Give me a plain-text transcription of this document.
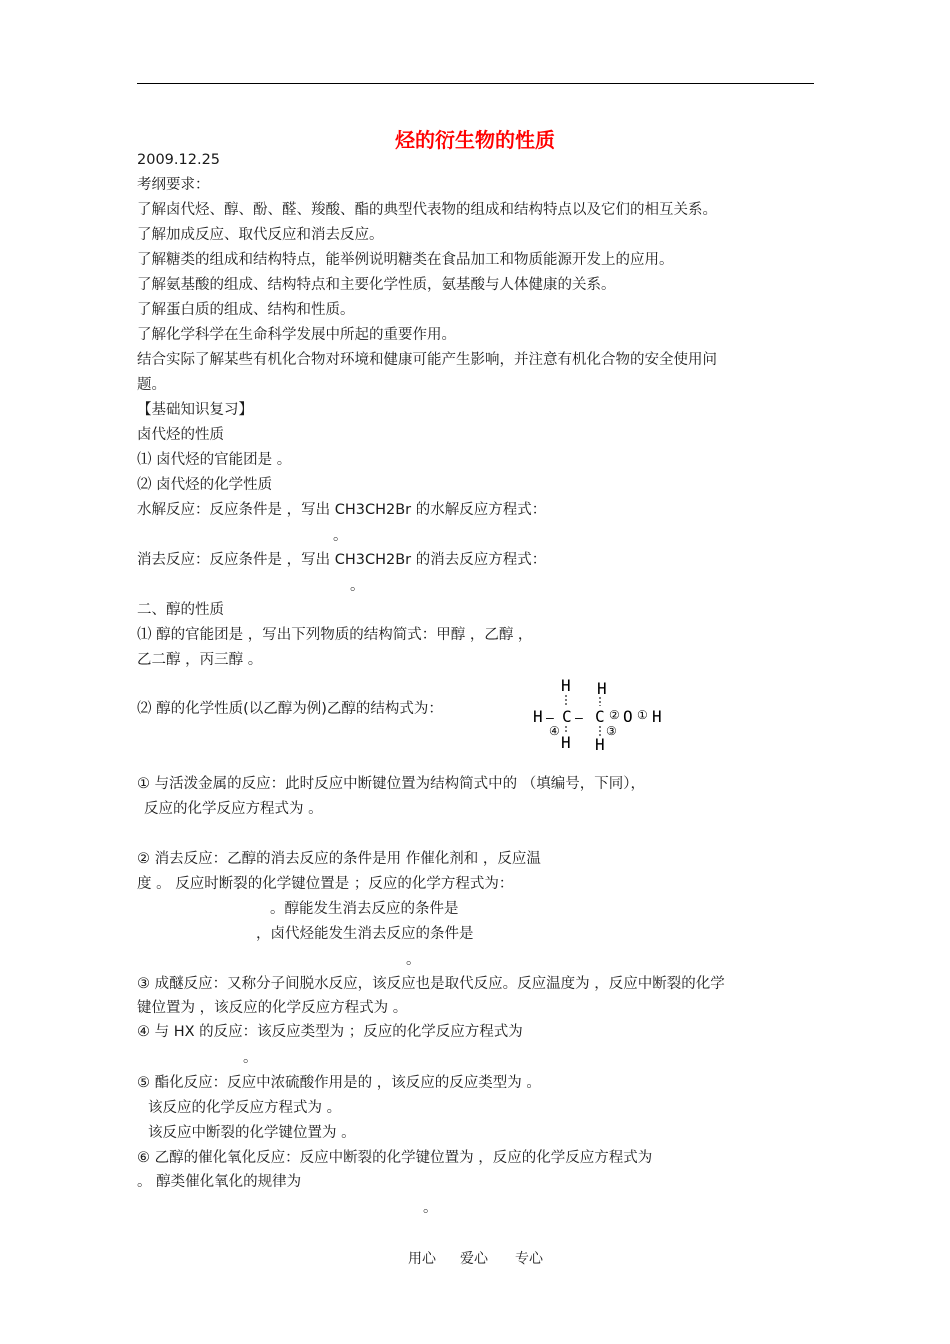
烃的衍生物的性质
2009.12.25
考纲要求：
了解卤代烃、醇、酚、醛、羧酸、酯的典型代表物的组成和结构特点以及它们的相互关系。
了解加成反应、取代反应和消去反应。
了解糖类的组成和结构特点，能举例说明糖类在食品加工和物质能源开发上的应用。
了解氨基酸的组成、结构特点和主要化学性质，氨基酸与人体健康的关系。
了解蛋白质的组成、结构和性质。
了解化学科学在生命科学发展中所起的重要作用。
结合实际了解某些有机化合物对环境和健康可能产生影响，并注意有机化合物的安全使用问
题。
【基础知识复习】
卤代烃的性质
⑴ 卤代烃的官能团是 。
⑵ 卤代烃的化学性质
水解反应：反应条件是 ，写出 CH3CH2Br 的水解反应方程式：
。
消去反应：反应条件是 ，写出 CH3CH2Br 的消去反应方程式：
。
二、醇的性质
⑴ 醇的官能团是 ，写出下列物质的结构简式：甲醇 ，乙醇 ，
乙二醇 ，丙三醇 。
⑵ 醇的化学性质(以乙醇为例)乙醇的结构式为：
H H
H — C — C ② O ① H
④	③
H H
① 与活泼金属的反应：此时反应中断键位置为结构简式中的 （填编号，下同），
反应的化学反应方程式为 。
② 消去反应：乙醇的消去反应的条件是用 作催化剂和 ，反应温
度 。 反应时断裂的化学键位置是 ；反应的化学方程式为：
。醇能发生消去反应的条件是
，卤代烃能发生消去反应的条件是
。
③ 成醚反应：又称分子间脱水反应，该反应也是取代反应。反应温度为 ，反应中断裂的化学
键位置为 ，该反应的化学反应方程式为 。
④ 与 HX 的反应：该反应类型为 ；反应的化学反应方程式为
。
⑤ 酯化反应：反应中浓硫酸作用是的 ，该反应的反应类型为 。
该反应的化学反应方程式为 。
该反应中断裂的化学键位置为 。
⑥ 乙醇的催化氧化反应：反应中断裂的化学键位置为 ，反应的化学反应方程式为
。 醇类催化氧化的规律为
。
用心 爱心 专心
